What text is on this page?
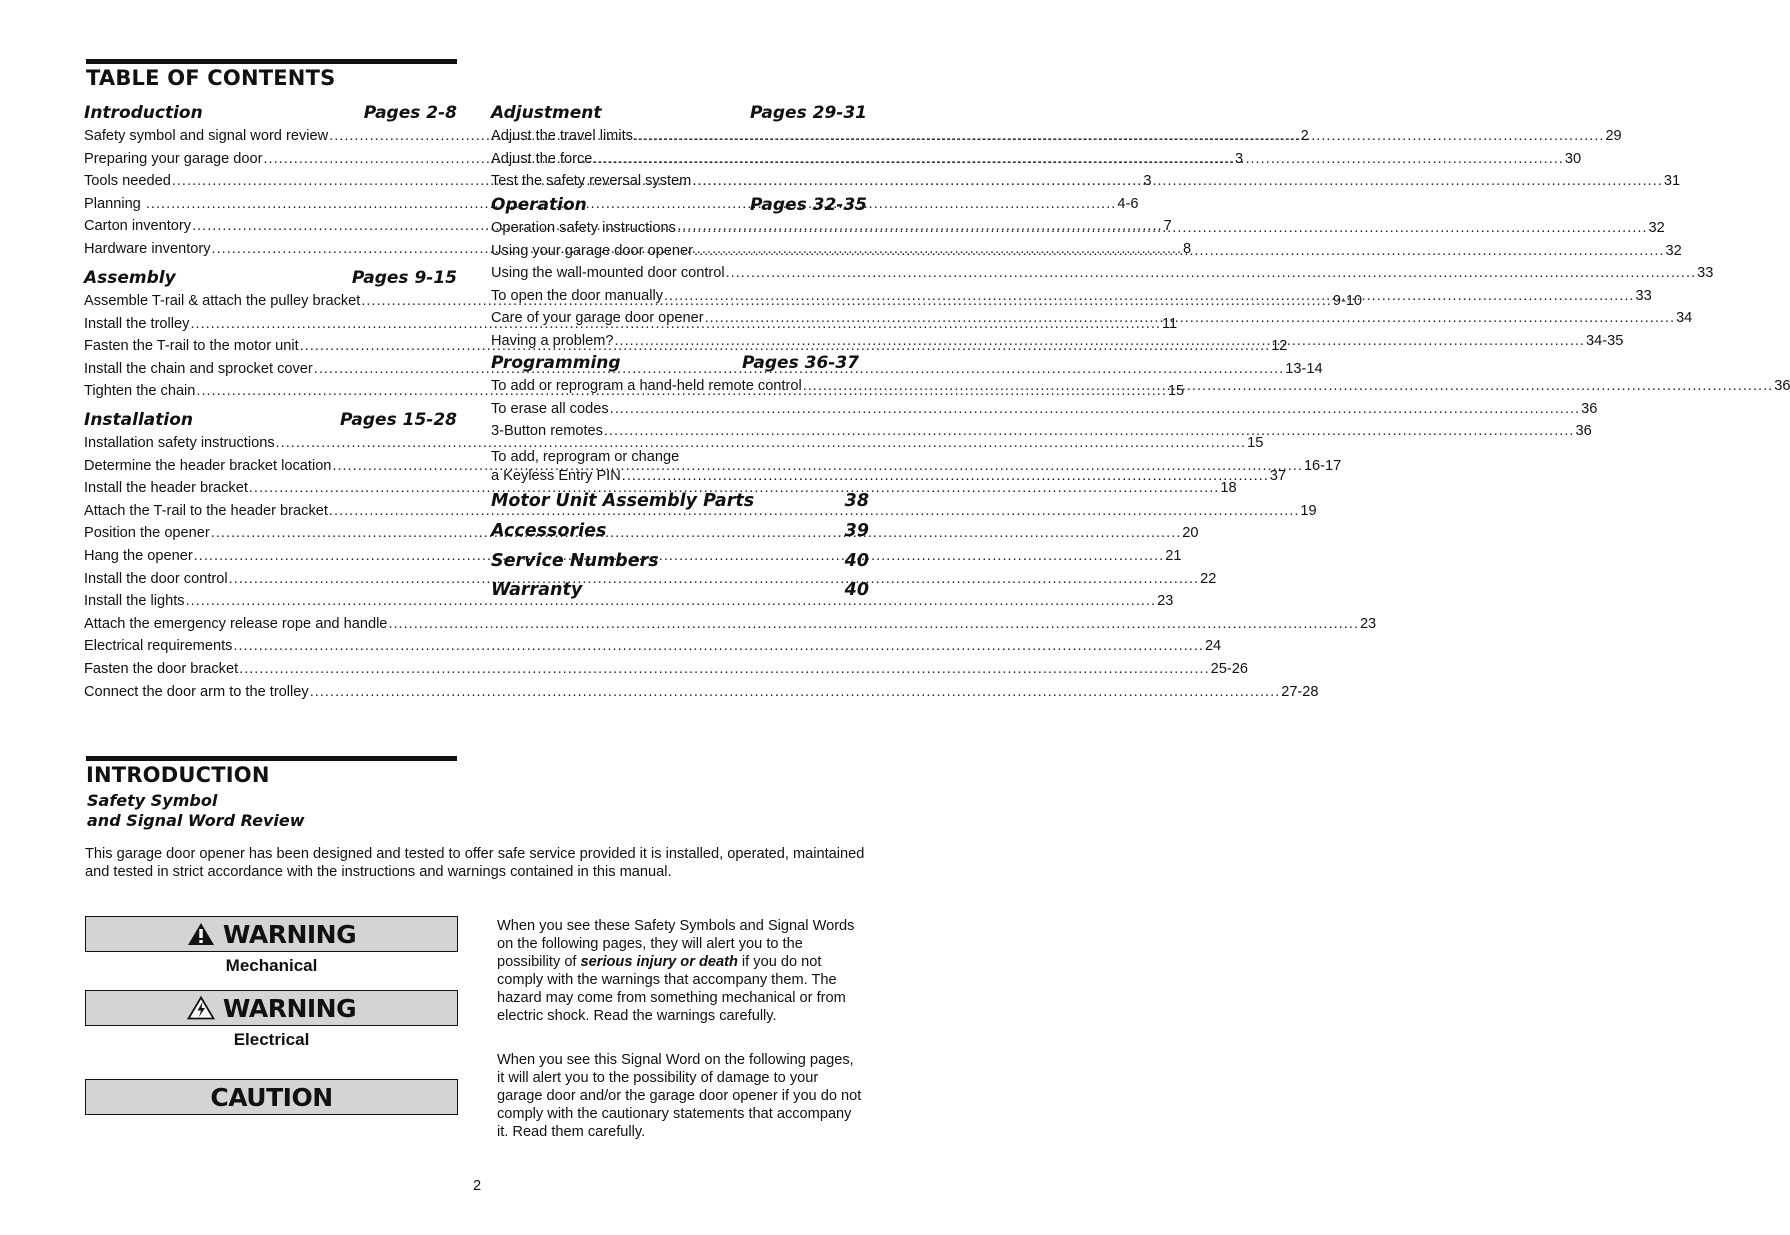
TABLE OF CONTENTS
Introduction	Pages 2-8
Safety symbol and signal word review .....	2
Preparing your garage door .....	3
Tools needed .....	3
Planning .....	4-6
Carton inventory .....	7
Hardware inventory .....	8
Assembly	Pages 9-15
Assemble T-rail & attach the pulley bracket .....	9-10
Install the trolley .....	11
Fasten the T-rail to the motor unit .....	12
Install the chain and sprocket cover .....	13-14
Tighten the chain .....	15
Installation	Pages 15-28
Installation safety instructions .....	15
Determine the header bracket location .....	16-17
Install the header bracket .....	18
Attach the T-rail to the header bracket .....	19
Position the opener .....	20
Hang the opener .....	21
Install the door control .....	22
Install the lights .....	23
Attach the emergency release rope and handle .....	23
Electrical requirements .....	24
Fasten the door bracket .....	25-26
Connect the door arm to the trolley .....	27-28
Adjustment	Pages 29-31
Adjust the travel limits .....	29
Adjust the force .....	30
Test the safety reversal system .....	31
Operation	Pages 32-35
Operation safety instructions .....	32
Using your garage door opener .....	32
Using the wall-mounted door control .....	33
To open the door manually .....	33
Care of your garage door opener .....	34
Having a problem? .....	34-35
Programming	Pages 36-37
To add or reprogram a hand-held remote control .....	36
To erase all codes .....	36
3-Button remotes .....	36
To add, reprogram or change
a Keyless Entry PIN ................................................................................................................................ 37
Motor Unit Assembly Parts	38
Accessories	39
Service Numbers	40
Warranty	40
INTRODUCTION
Safety Symbol
and Signal Word Review
This garage door opener has been designed and tested to offer safe service provided it is installed, operated, maintained and tested in strict accordance with the instructions and warnings contained in this manual.
WARNING
Mechanical
WARNING
Electrical
CAUTION
When you see these Safety Symbols and Signal Words on the following pages, they will alert you to the possibility of serious injury or death if you do not comply with the warnings that accompany them. The hazard may come from something mechanical or from electric shock. Read the warnings carefully.
When you see this Signal Word on the following pages, it will alert you to the possibility of damage to your garage door and/or the garage door opener if you do not comply with the cautionary statements that accompany it. Read them carefully.
2
